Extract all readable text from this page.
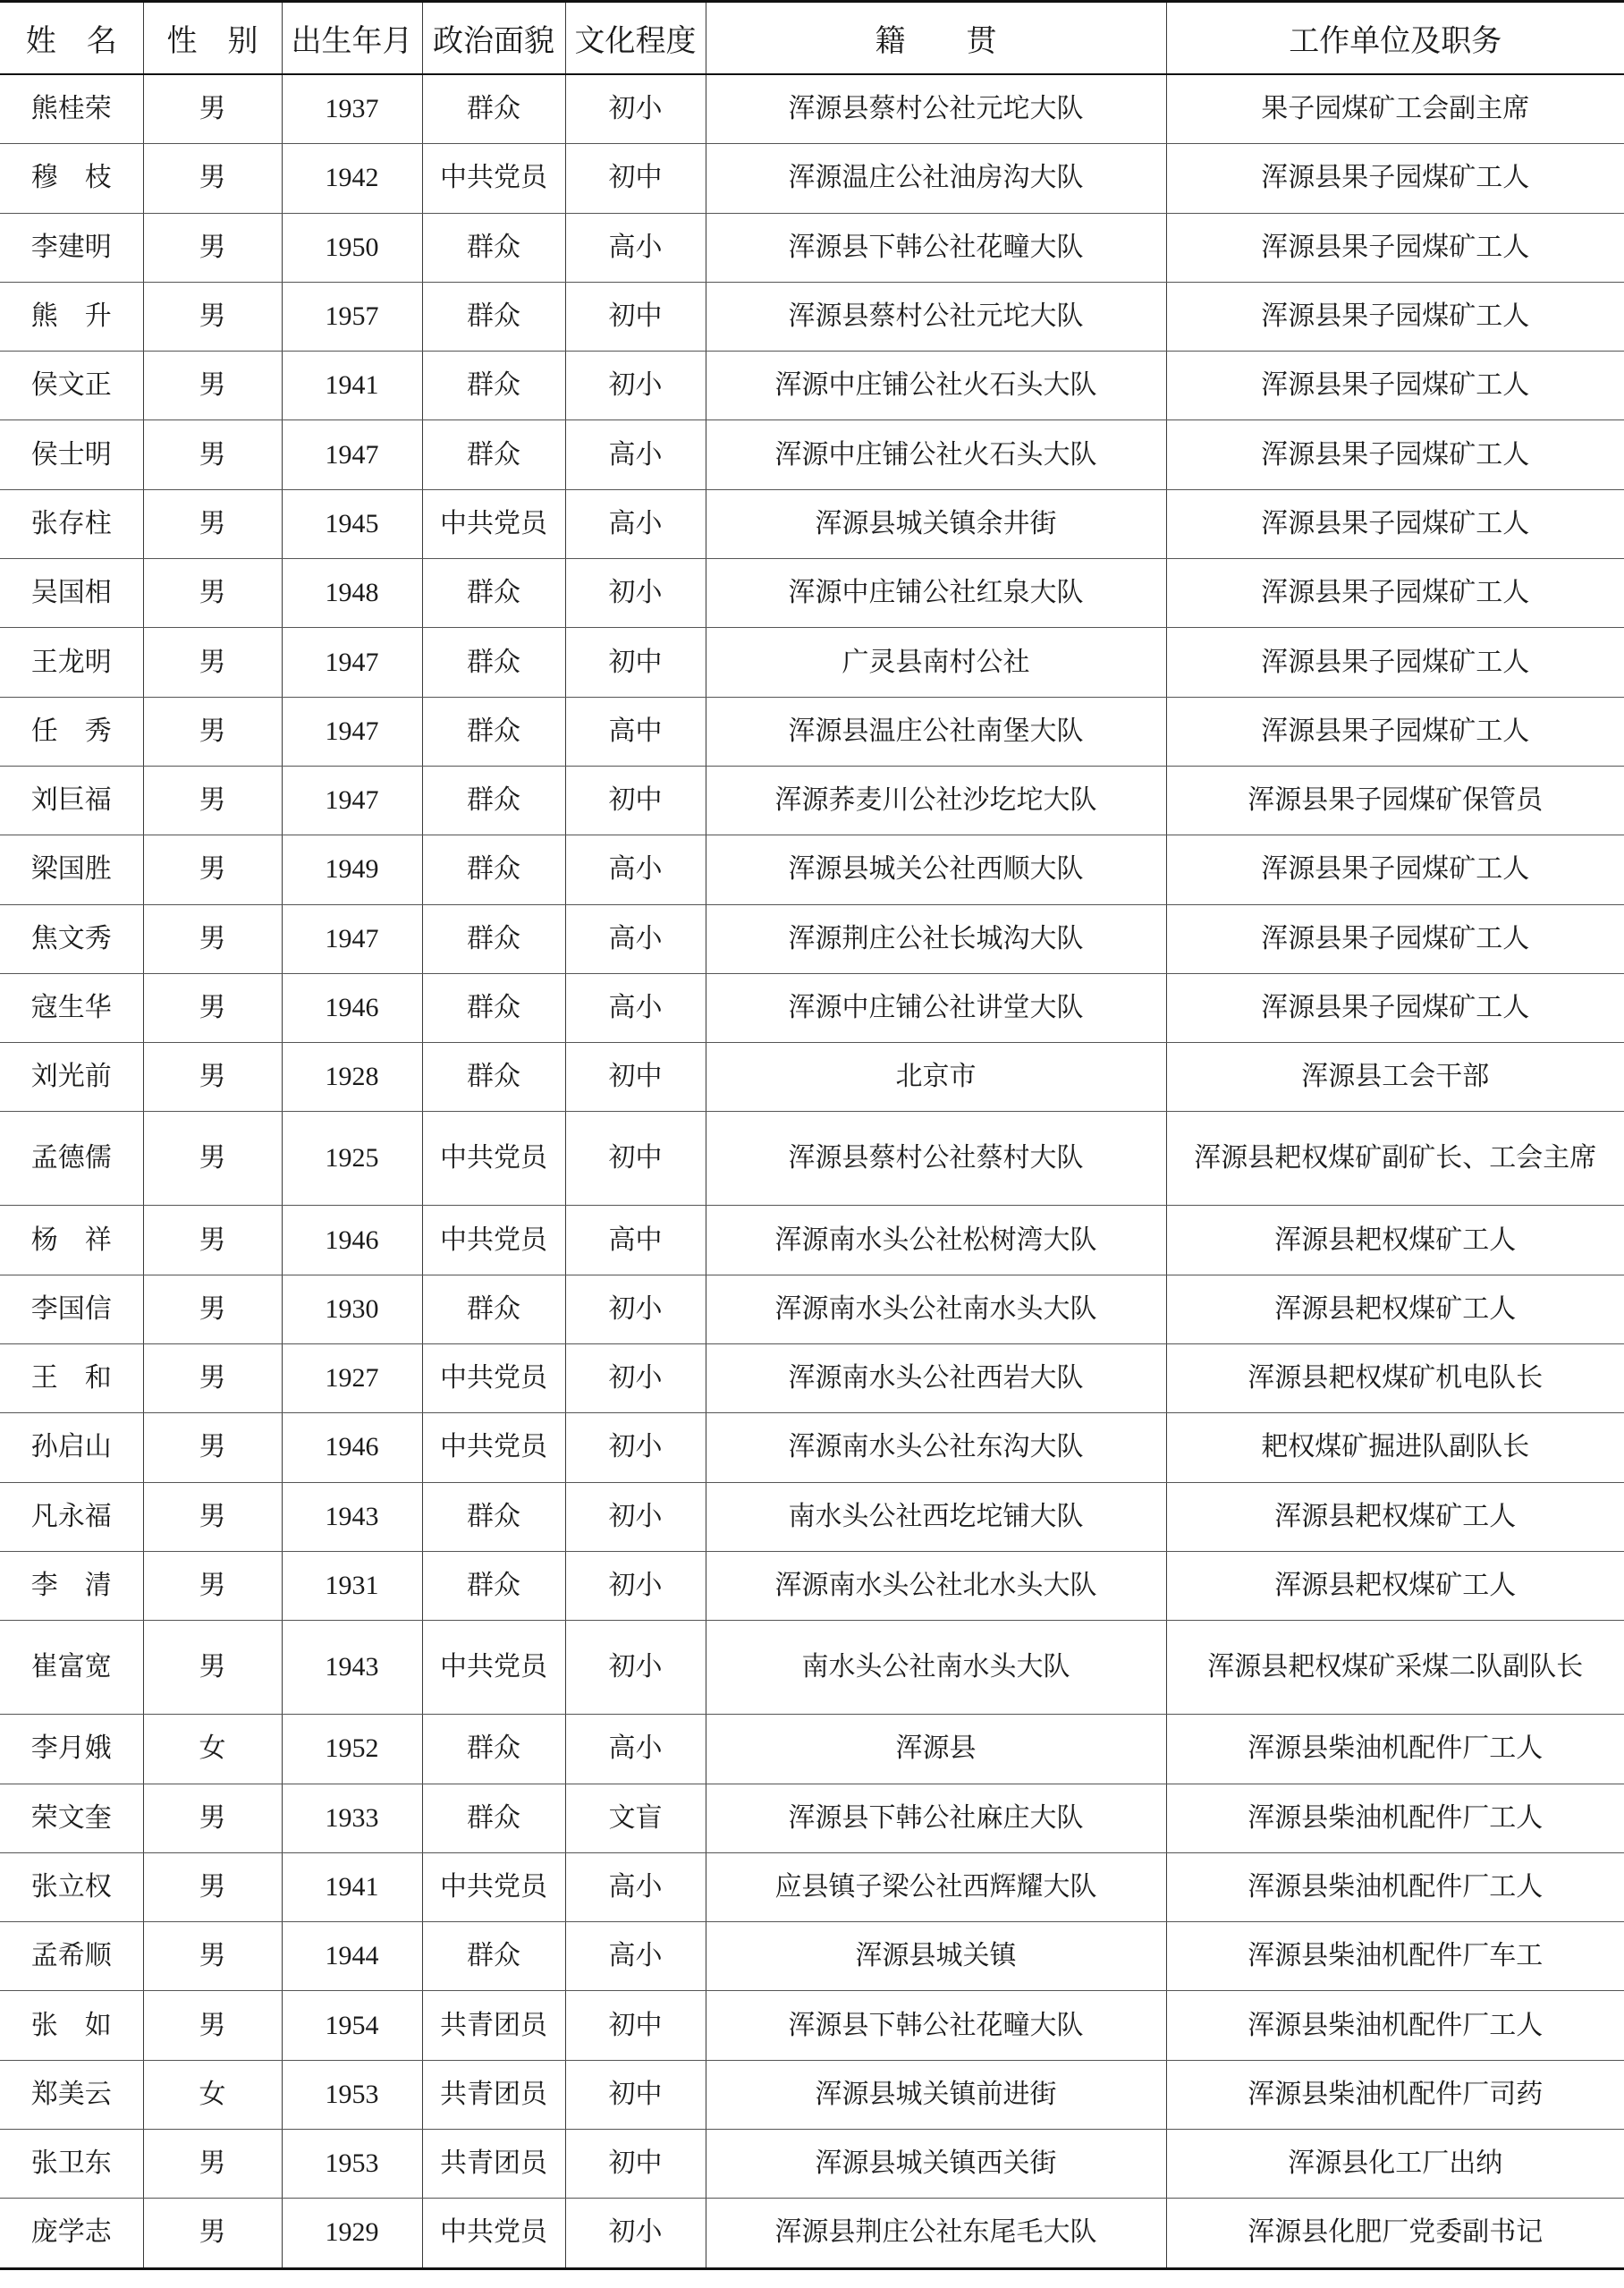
姓　名	性　别	出生年月	政治面貌	文化程度	籍　　贯	工作单位及职务
熊桂荣	男	1937	群众	初小	浑源县蔡村公社元坨大队	果子园煤矿工会副主席
穆　枝	男	1942	中共党员	初中	浑源温庄公社油房沟大队	浑源县果子园煤矿工人
李建明	男	1950	群众	高小	浑源县下韩公社花疃大队	浑源县果子园煤矿工人
熊　升	男	1957	群众	初中	浑源县蔡村公社元坨大队	浑源县果子园煤矿工人
侯文正	男	1941	群众	初小	浑源中庄铺公社火石头大队	浑源县果子园煤矿工人
侯士明	男	1947	群众	高小	浑源中庄铺公社火石头大队	浑源县果子园煤矿工人
张存柱	男	1945	中共党员	高小	浑源县城关镇余井街	浑源县果子园煤矿工人
吴国相	男	1948	群众	初小	浑源中庄铺公社红泉大队	浑源县果子园煤矿工人
王龙明	男	1947	群众	初中	广灵县南村公社	浑源县果子园煤矿工人
任　秀	男	1947	群众	高中	浑源县温庄公社南堡大队	浑源县果子园煤矿工人
刘巨福	男	1947	群众	初中	浑源荞麦川公社沙圪坨大队	浑源县果子园煤矿保管员
梁国胜	男	1949	群众	高小	浑源县城关公社西顺大队	浑源县果子园煤矿工人
焦文秀	男	1947	群众	高小	浑源荆庄公社长城沟大队	浑源县果子园煤矿工人
寇生华	男	1946	群众	高小	浑源中庄铺公社讲堂大队	浑源县果子园煤矿工人
刘光前	男	1928	群众	初中	北京市	浑源县工会干部
孟德儒	男	1925	中共党员	初中	浑源县蔡村公社蔡村大队	浑源县耙权煤矿副矿长、工会主席
杨　祥	男	1946	中共党员	高中	浑源南水头公社松树湾大队	浑源县耙权煤矿工人
李国信	男	1930	群众	初小	浑源南水头公社南水头大队	浑源县耙权煤矿工人
王　和	男	1927	中共党员	初小	浑源南水头公社西岩大队	浑源县耙权煤矿机电队长
孙启山	男	1946	中共党员	初小	浑源南水头公社东沟大队	耙权煤矿掘进队副队长
凡永福	男	1943	群众	初小	南水头公社西圪坨铺大队	浑源县耙权煤矿工人
李　清	男	1931	群众	初小	浑源南水头公社北水头大队	浑源县耙权煤矿工人
崔富宽	男	1943	中共党员	初小	南水头公社南水头大队	浑源县耙权煤矿采煤二队副队长
李月娥	女	1952	群众	高小	浑源县	浑源县柴油机配件厂工人
荣文奎	男	1933	群众	文盲	浑源县下韩公社麻庄大队	浑源县柴油机配件厂工人
张立权	男	1941	中共党员	高小	应县镇子梁公社西辉耀大队	浑源县柴油机配件厂工人
孟希顺	男	1944	群众	高小	浑源县城关镇	浑源县柴油机配件厂车工
张　如	男	1954	共青团员	初中	浑源县下韩公社花疃大队	浑源县柴油机配件厂工人
郑美云	女	1953	共青团员	初中	浑源县城关镇前进街	浑源县柴油机配件厂司药
张卫东	男	1953	共青团员	初中	浑源县城关镇西关街	浑源县化工厂出纳
庞学志	男	1929	中共党员	初小	浑源县荆庄公社东尾毛大队	浑源县化肥厂党委副书记
